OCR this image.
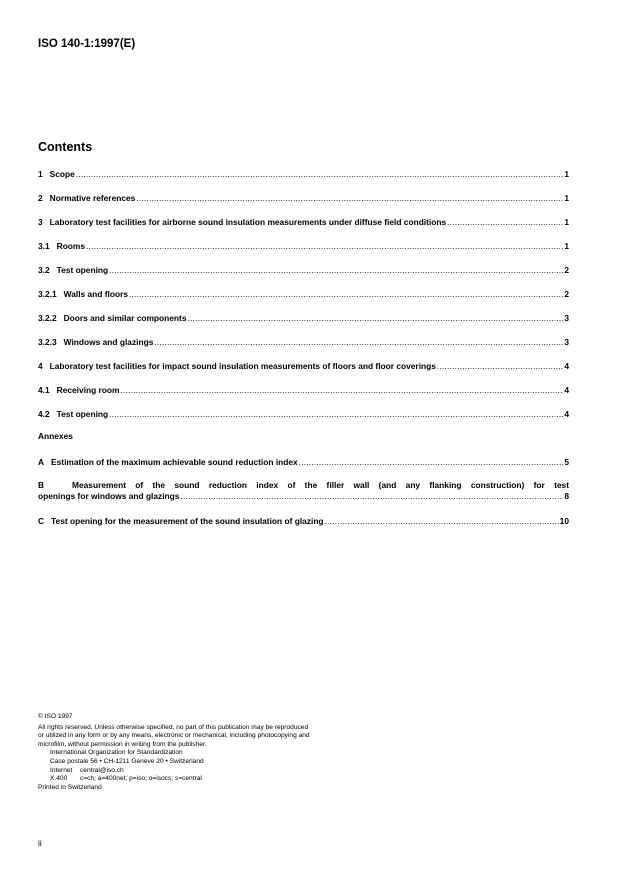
ISO 140-1:1997(E)
Contents
1 Scope .....	1
2 Normative references .....	1
3 Laboratory test facilities for airborne sound insulation measurements under diffuse field conditions .....	1
3.1 Rooms .....	1
3.2 Test opening .....	2
3.2.1 Walls and floors .....	2
3.2.2 Doors and similar components .....	3
3.2.3 Windows and glazings .....	3
4 Laboratory test facilities for impact sound insulation measurements of floors and floor coverings .....	4
4.1 Receiving room .....	4
4.2 Test opening .....	4
A Estimation of the maximum achievable sound reduction index .....	5
B	Measurement of the sound reduction index of the filler wall (and any flanking construction) for test
openings for windows and glazings .....	8
C Test opening for the measurement of the sound insulation of glazing .....	10
Annexes
© ISO 1997
All rights reserved. Unless otherwise specified, no part of this publication may be reproduced
or utilized in any form or by any means, electronic or mechanical, including photocopying and
microfilm, without permission in writing from the publisher.
International Organization for Standardization
Case postale 56 • CH-1211 Genève 20 • Switzerland
Internet central@iso.ch
X.400 c=ch; a=400net; p=iso; o=isocs; s=central
Printed in Switzerland
ii
